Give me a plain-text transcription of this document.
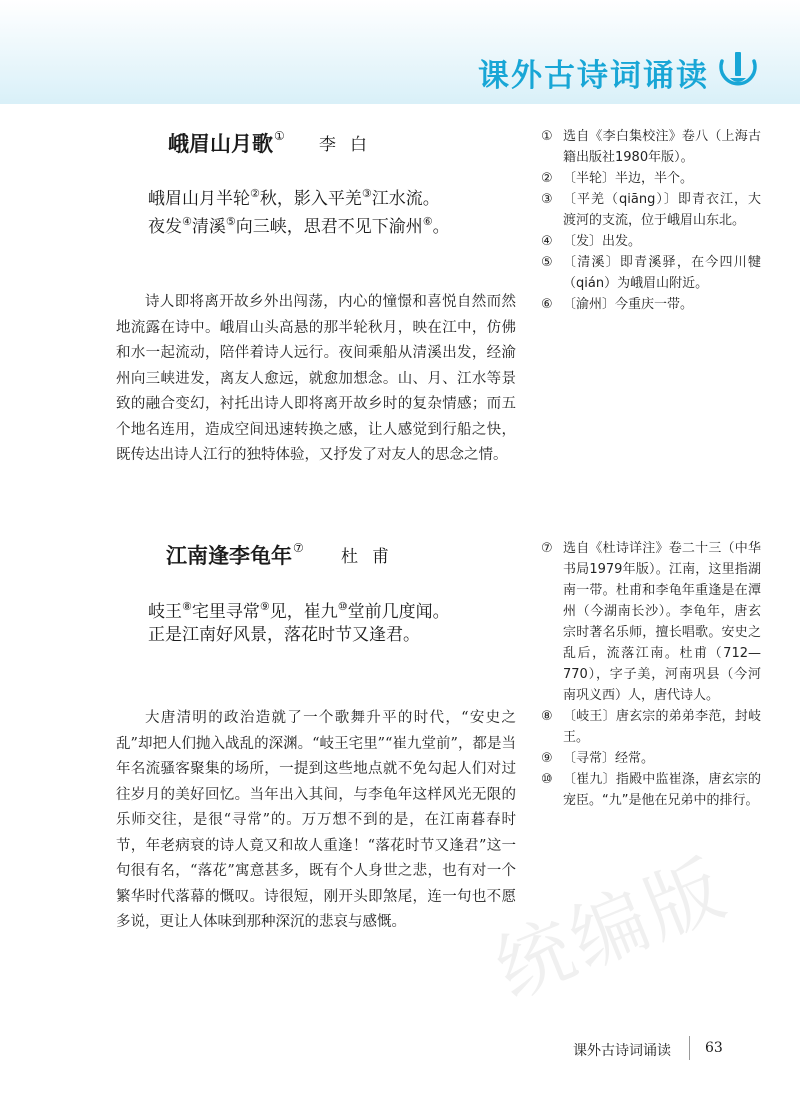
课外古诗词诵读
峨眉山月歌① 李白
峨眉山月半轮②秋，影入平羌③江水流。
夜发④清溪⑤向三峡，思君不见下渝州⑥。

诗人即将离开故乡外出闯荡，内心的憧憬和喜悦自然而然地流露在诗中。峨眉山头高悬的那半轮秋月，映在江中，仿佛和水一起流动，陪伴着诗人远行。夜间乘船从清溪出发，经渝州向三峡进发，离友人愈远，就愈加想念。山、月、江水等景致的融合变幻，衬托出诗人即将离开故乡时的复杂情感；而五个地名连用，造成空间迅速转换之感，让人感觉到行船之快，既传达出诗人江行的独特体验，又抒发了对友人的思念之情。

江南逢李龟年⑦ 杜甫
岐王⑧宅里寻常⑨见，崔九⑩堂前几度闻。
正是江南好风景，落花时节又逢君。

大唐清明的政治造就了一个歌舞升平的时代，“安史之乱”却把人们抛入战乱的深渊。“岐王宅里”“崔九堂前”，都是当年名流骚客聚集的场所，一提到这些地点就不免勾起人们对过往岁月的美好回忆。当年出入其间，与李龟年这样风光无限的乐师交往，是很“寻常”的。万万想不到的是，在江南暮春时节，年老病衰的诗人竟又和故人重逢！“落花时节又逢君”这一句很有名，“落花”寓意甚多，既有个人身世之悲，也有对一个繁华时代落幕的慨叹。诗很短，刚开头即煞尾，连一句也不愿多说，更让人体味到那种深沉的悲哀与感慨。

① 选自《李白集校注》卷八（上海古籍出版社1980年版）。
② 〔半轮〕半边，半个。
③ 〔平羌（qiāng）〕即青衣江，大渡河的支流，位于峨眉山东北。
④ 〔发〕出发。
⑤ 〔清溪〕即青溪驿，在今四川犍（qián）为峨眉山附近。
⑥ 〔渝州〕今重庆一带。
⑦ 选自《杜诗详注》卷二十三（中华书局1979年版）。江南，这里指湖南一带。杜甫和李龟年重逢是在潭州（今湖南长沙）。李龟年，唐玄宗时著名乐师，擅长唱歌。安史之乱后，流落江南。杜甫（712—770），字子美，河南巩县（今河南巩义西）人，唐代诗人。
⑧ 〔岐王〕唐玄宗的弟弟李范，封岐王。
⑨ 〔寻常〕经常。
⑩ 〔崔九〕指殿中监崔涤，唐玄宗的宠臣。“九”是他在兄弟中的排行。
统编版
课外古诗词诵读 63
